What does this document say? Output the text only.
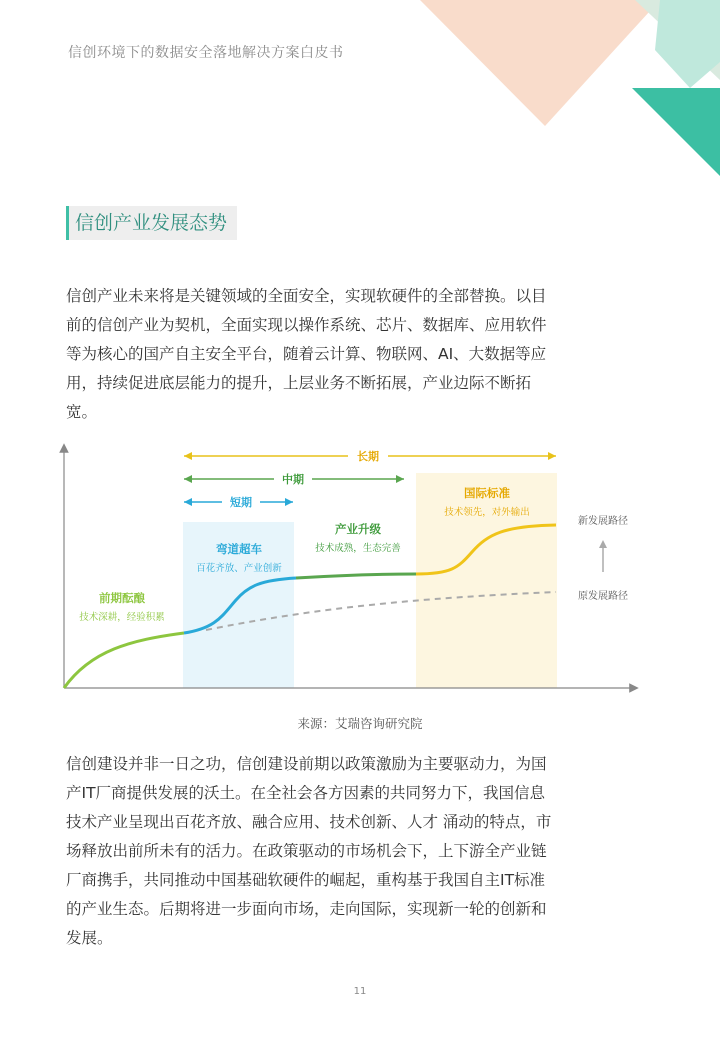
信创环境下的数据安全落地解决方案白皮书
信创产业发展态势

信创产业未来将是关键领域的全面安全，实现软硬件的全部替换。以目前的信创产业为契机，全面实现以操作系统、芯片、数据库、应用软件等为核心的国产自主安全平台，随着云计算、物联网、AI、大数据等应用，持续促进底层能力的提升，上层业务不断拓展，产业边际不断拓宽。

长期
中期
短期
前期酝酿
技术深耕，经验积累
弯道超车
百花齐放、产业创新
产业升级
技术成熟，生态完善
国际标准
技术领先，对外输出
新发展路径
原发展路径
来源：艾瑞咨询研究院

信创建设并非一日之功，信创建设前期以政策激励为主要驱动力，为国产IT厂商提供发展的沃土。在全社会各方因素的共同努力下，我国信息技术产业呈现出百花齐放、融合应用、技术创新、人才 涌动的特点，市场释放出前所未有的活力。在政策驱动的市场机会下，上下游全产业链厂商携手，共同推动中国基础软硬件的崛起，重构基于我国自主IT标准的产业生态。后期将进一步面向市场，走向国际，实现新一轮的创新和发展。

11
